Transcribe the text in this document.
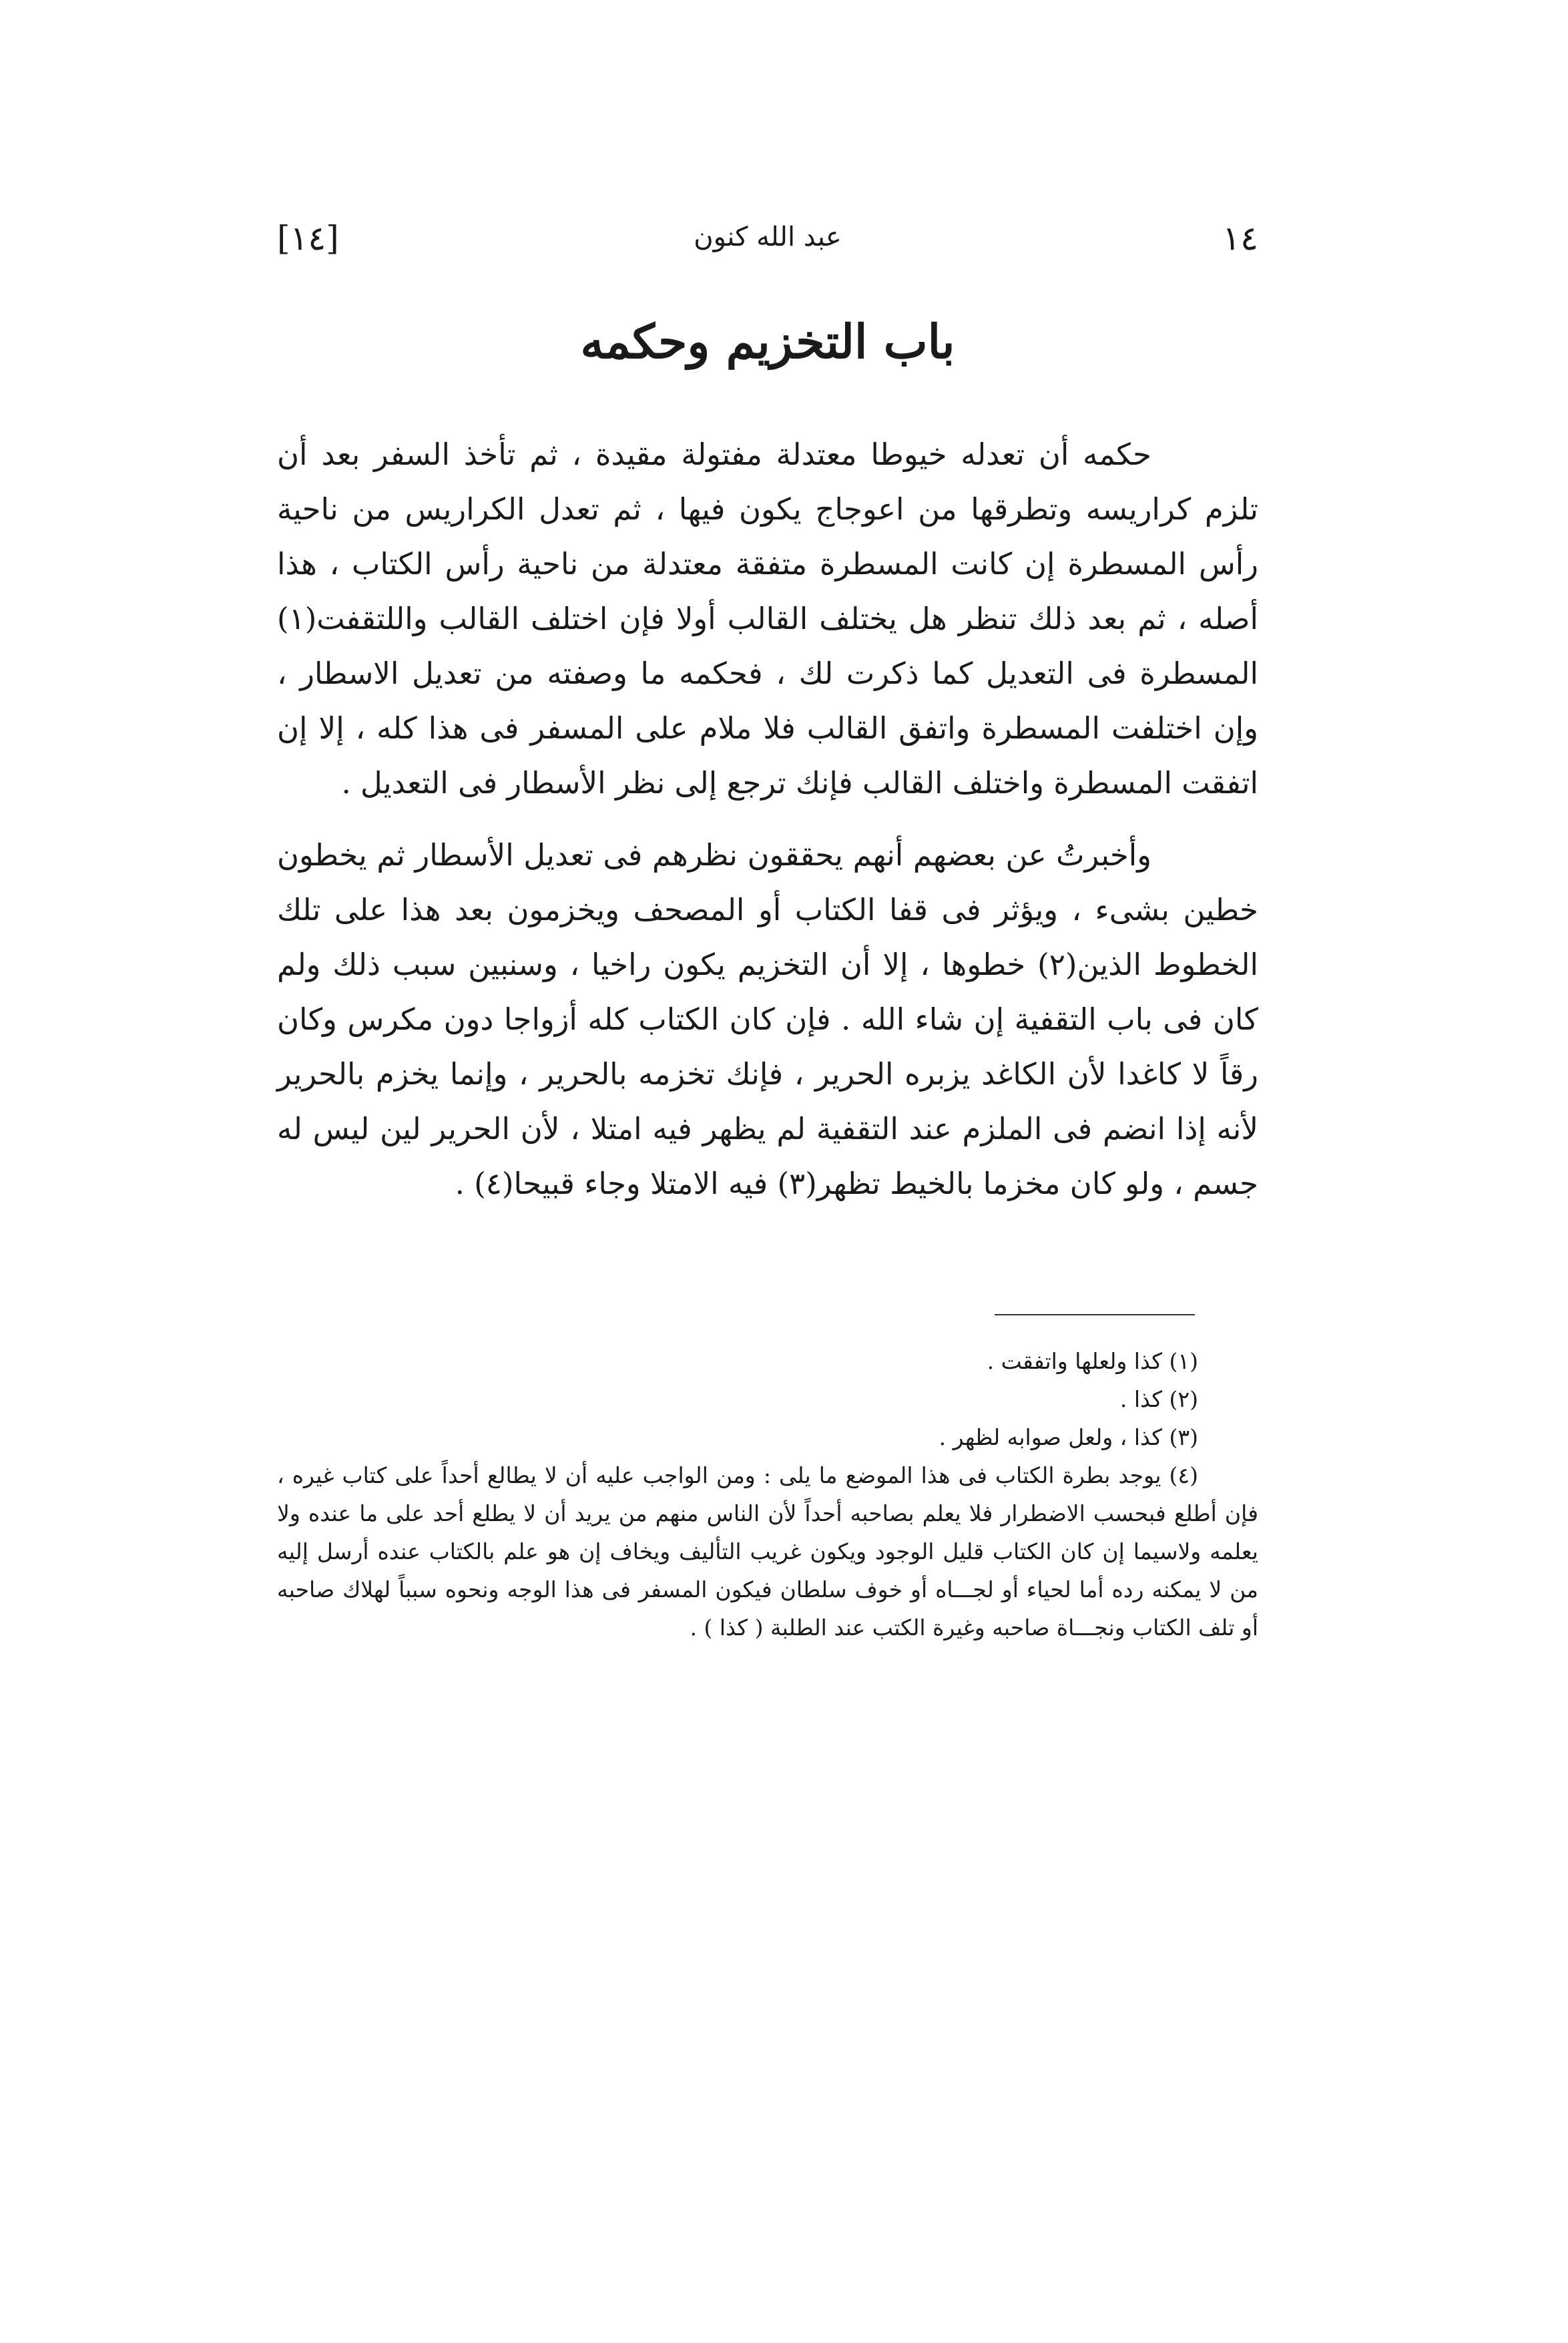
[١٤]	عبد الله كنون	١٤
باب التخزيم وحكمه

حكمه أن تعدله خيوطا معتدلة مفتولة مقيدة ، ثم تأخذ السفر بعد أن تلزم كراريسه وتطرقها من اعوجاج يكون فيها ، ثم تعدل الكراريس من ناحية رأس المسطرة إن كانت المسطرة متفقة معتدلة من ناحية رأس الكتاب ، هذا أصله ، ثم بعد ذلك تنظر هل يختلف القالب أولا فإن اختلف القالب واللتقفت(١) المسطرة فى التعديل كما ذكرت لك ، فحكمه ما وصفته من تعديل الاسطار ، وإن اختلفت المسطرة واتفق القالب فلا ملام على المسفر فى هذا كله ، إلا إن اتفقت المسطرة واختلف القالب فإنك ترجع إلى نظر الأسطار فى التعديل .

وأخبرتُ عن بعضهم أنهم يحققون نظرهم فى تعديل الأسطار ثم يخطون خطين بشىء ، ويؤثر فى قفا الكتاب أو المصحف ويخزمون بعد هذا على تلك الخطوط الذين(٢) خطوها ، إلا أن التخزيم يكون راخيا ، وسنبين سبب ذلك ولم كان فى باب التقفية إن شاء الله . فإن كان الكتاب كله أزواجا دون مكرس وكان رقاً لا كاغدا لأن الكاغد يزبره الحرير ، فإنك تخزمه بالحرير ، وإنما يخزم بالحرير لأنه إذا انضم فى الملزم عند التقفية لم يظهر فيه امتلا ، لأن الحرير لين ليس له جسم ، ولو كان مخزما بالخيط تظهر(٣) فيه الامتلا وجاء قبيحا(٤) .

(١) كذا ولعلها واتفقت .
(٢) كذا .
(٣) كذا ، ولعل صوابه لظهر .
(٤) يوجد بطرة الكتاب فى هذا الموضع ما يلى : ومن الواجب عليه أن لا يطالع أحداً على كتاب غيره ، فإن أطلع فبحسب الاضطرار فلا يعلم بصاحبه أحداً لأن الناس منهم من يريد أن لا يطلع أحد على ما عنده ولا يعلمه ولاسيما إن كان الكتاب قليل الوجود ويكون غريب التأليف ويخاف إن هو علم بالكتاب عنده أرسل إليه من لا يمكنه رده أما لحياء أو لجـــاه أو خوف سلطان فيكون المسفر فى هذا الوجه ونحوه سبباً لهلاك صاحبه أو تلف الكتاب ونجـــاة صاحبه وغيرة الكتب عند الطلبة ( كذا ) .
